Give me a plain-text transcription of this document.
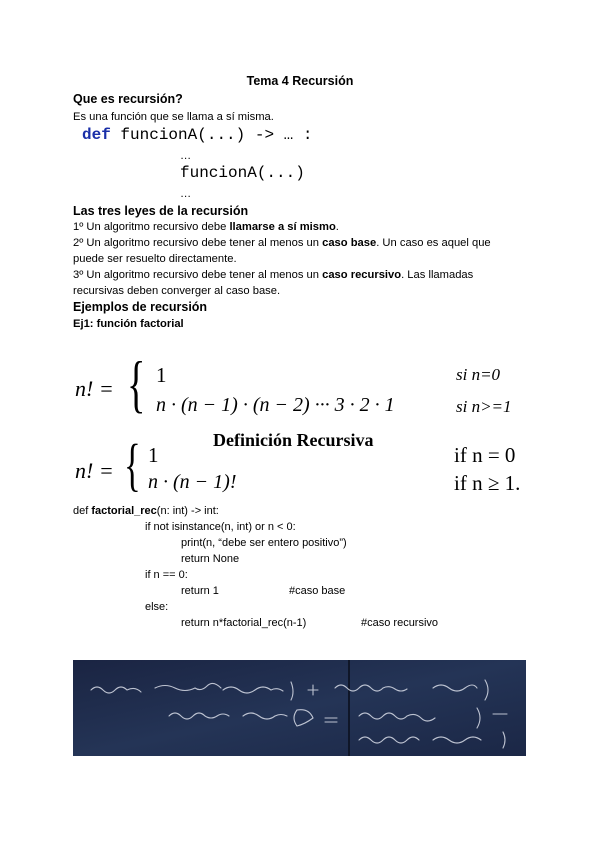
Tema 4 Recursión
Que es recursión?
Es una función que se llama a sí misma.
def funcionA(...) -> … :
…
funcionA(...)
…
Las tres leyes de la recursión
1º Un algoritmo recursivo debe llamarse a sí mismo.
2º Un algoritmo recursivo debe tener al menos un caso base. Un caso es aquel que puede ser resuelto directamente.
3º Un algoritmo recursivo debe tener al menos un caso recursivo. Las llamadas recursivas deben converger al caso base.
Ejemplos de recursión
Ej1: función factorial
n! = { 1
n · (n − 1) · (n − 2) ··· 3 · 2 · 1
si n=0
si n>=1
Definición Recursiva
n! = { 1
n · (n − 1)!
if n = 0
if n ≥ 1.
def factorial_rec(n: int) -> int:
if not isinstance(n, int) or n < 0:
print(n, “debe ser entero positivo”)
return None
if n == 0:
return 1	#caso base
else:
return n*factorial_rec(n-1)	#caso recursivo
